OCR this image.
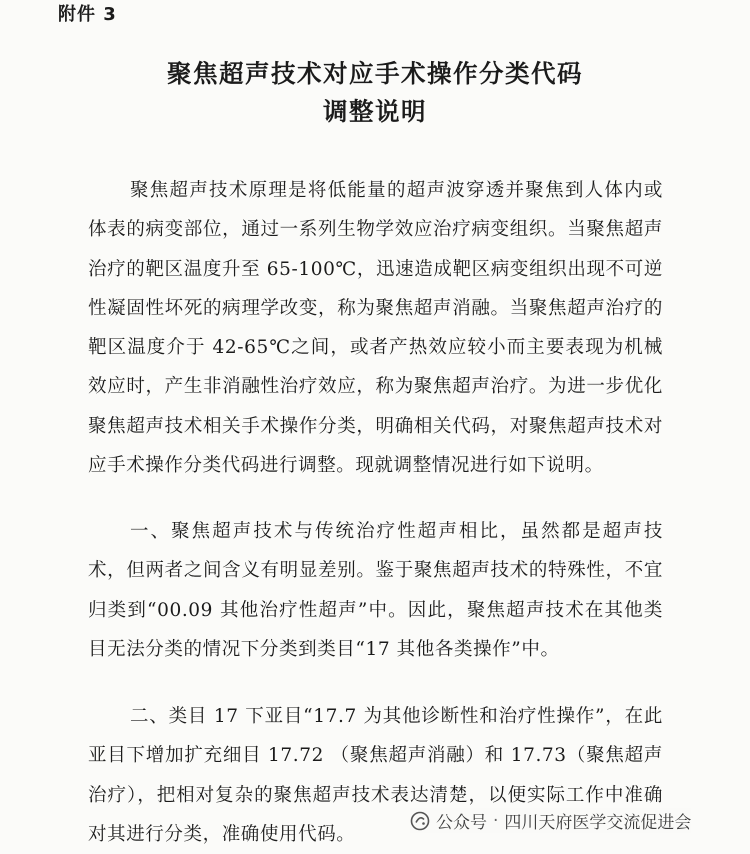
附件 3
聚焦超声技术对应手术操作分类代码
调整说明

聚焦超声技术原理是将低能量的超声波穿透并聚焦到人体内或体表的病变部位，通过一系列生物学效应治疗病变组织。当聚焦超声治疗的靶区温度升至 65-100℃，迅速造成靶区病变组织出现不可逆性凝固性坏死的病理学改变，称为聚焦超声消融。当聚焦超声治疗的靶区温度介于 42-65℃之间，或者产热效应较小而主要表现为机械效应时，产生非消融性治疗效应，称为聚焦超声治疗。为进一步优化聚焦超声技术相关手术操作分类，明确相关代码，对聚焦超声技术对应手术操作分类代码进行调整。现就调整情况进行如下说明。

一、聚焦超声技术与传统治疗性超声相比，虽然都是超声技术，但两者之间含义有明显差别。鉴于聚焦超声技术的特殊性，不宜归类到“00.09 其他治疗性超声”中。因此，聚焦超声技术在其他类目无法分类的情况下分类到类目“17 其他各类操作”中。

二、类目 17 下亚目“17.7 为其他诊断性和治疗性操作”，在此亚目下增加扩充细目 17.72 （聚焦超声消融）和 17.73（聚焦超声治疗），把相对复杂的聚焦超声技术表达清楚，以便实际工作中准确对其进行分类，准确使用代码。

公众号 · 四川天府医学交流促进会
